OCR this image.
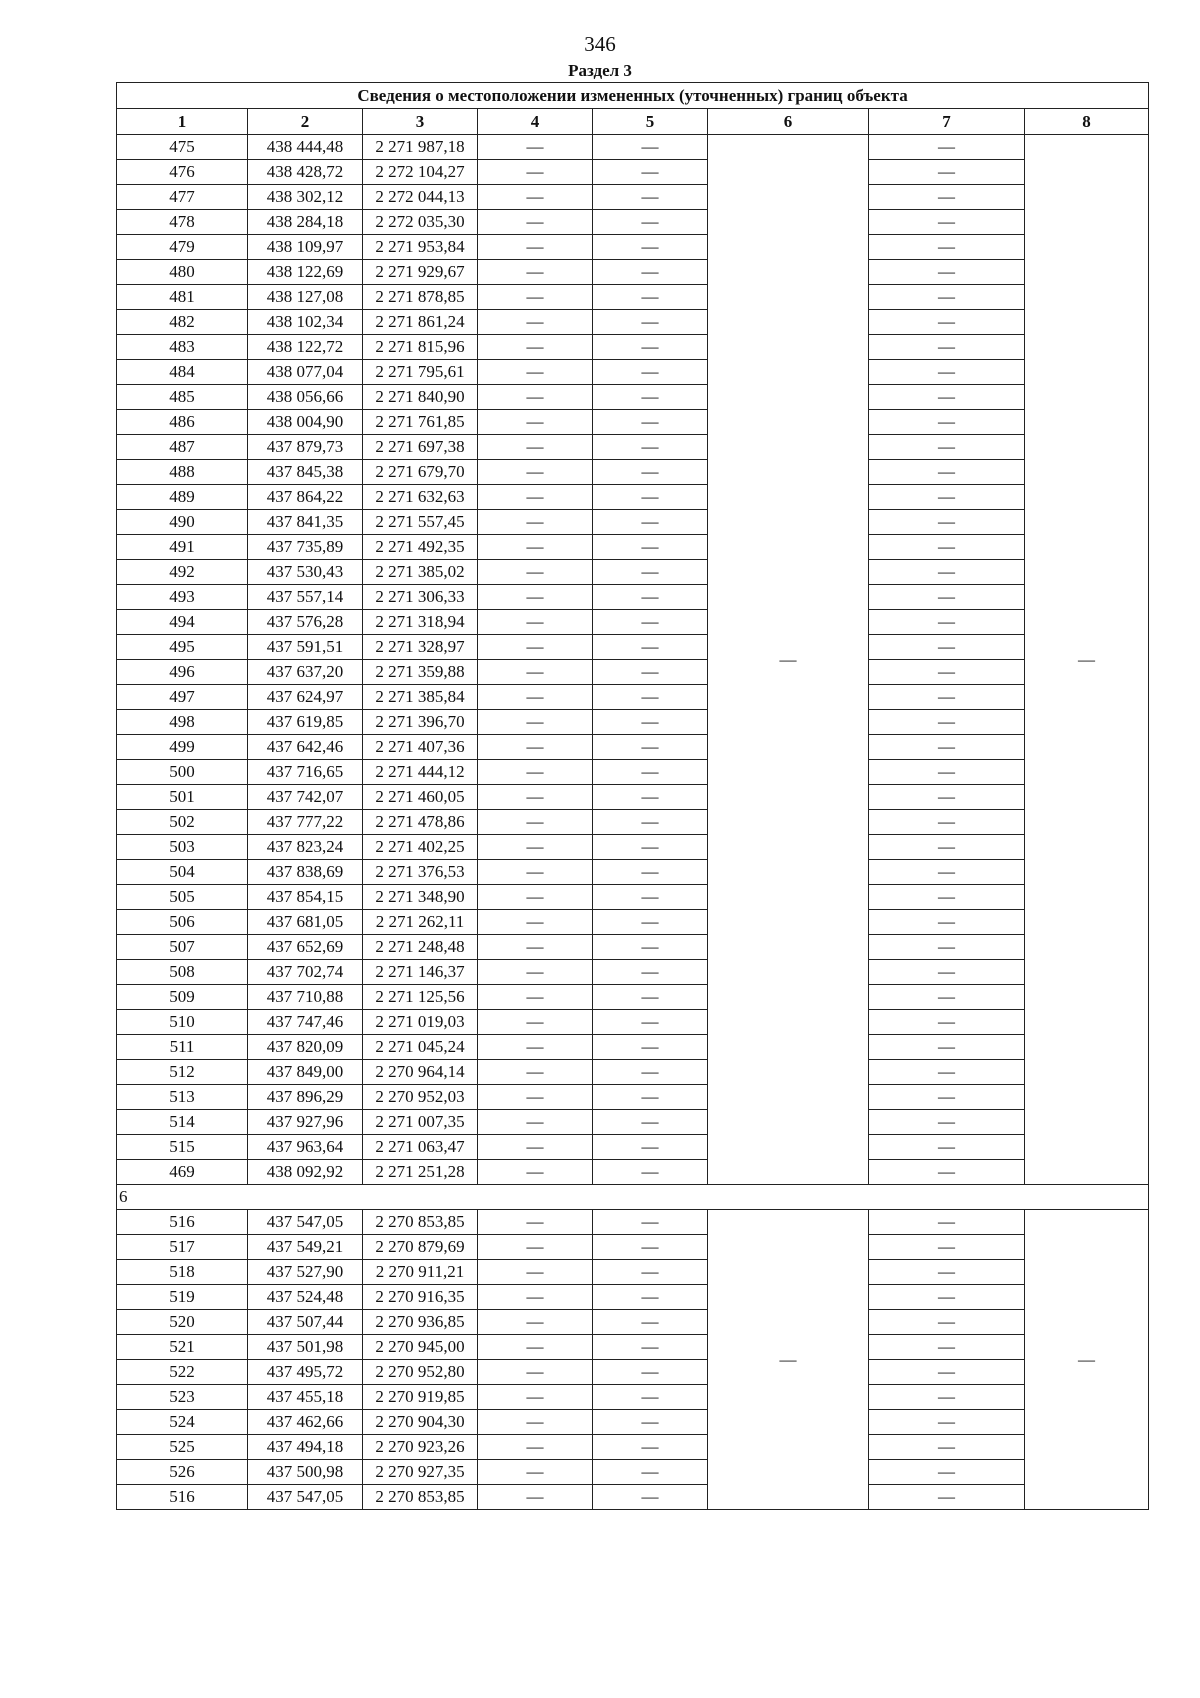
346
Раздел 3
Сведения о местоположении измененных (уточненных) границ объекта							
1	2	3	4	5	6	7	8
475	438 444,48	2 271 987,18	—	—	—	—	—
476	438 428,72	2 272 104,27	—	—		—	
477	438 302,12	2 272 044,13	—	—		—	
478	438 284,18	2 272 035,30	—	—		—	
479	438 109,97	2 271 953,84	—	—		—	
480	438 122,69	2 271 929,67	—	—		—	
481	438 127,08	2 271 878,85	—	—		—	
482	438 102,34	2 271 861,24	—	—		—	
483	438 122,72	2 271 815,96	—	—		—	
484	438 077,04	2 271 795,61	—	—		—	
485	438 056,66	2 271 840,90	—	—		—	
486	438 004,90	2 271 761,85	—	—		—	
487	437 879,73	2 271 697,38	—	—		—	
488	437 845,38	2 271 679,70	—	—		—	
489	437 864,22	2 271 632,63	—	—		—	
490	437 841,35	2 271 557,45	—	—		—	
491	437 735,89	2 271 492,35	—	—		—	
492	437 530,43	2 271 385,02	—	—		—	
493	437 557,14	2 271 306,33	—	—		—	
494	437 576,28	2 271 318,94	—	—		—	
495	437 591,51	2 271 328,97	—	—		—	
496	437 637,20	2 271 359,88	—	—		—	
497	437 624,97	2 271 385,84	—	—		—	
498	437 619,85	2 271 396,70	—	—		—	
499	437 642,46	2 271 407,36	—	—		—	
500	437 716,65	2 271 444,12	—	—		—	
501	437 742,07	2 271 460,05	—	—		—	
502	437 777,22	2 271 478,86	—	—		—	
503	437 823,24	2 271 402,25	—	—		—	
504	437 838,69	2 271 376,53	—	—		—	
505	437 854,15	2 271 348,90	—	—		—	
506	437 681,05	2 271 262,11	—	—		—	
507	437 652,69	2 271 248,48	—	—		—	
508	437 702,74	2 271 146,37	—	—		—	
509	437 710,88	2 271 125,56	—	—		—	
510	437 747,46	2 271 019,03	—	—		—	
511	437 820,09	2 271 045,24	—	—		—	
512	437 849,00	2 270 964,14	—	—		—	
513	437 896,29	2 270 952,03	—	—		—	
514	437 927,96	2 271 007,35	—	—		—	
515	437 963,64	2 271 063,47	—	—		—	
469	438 092,92	2 271 251,28	—	—		—	
6							
516	437 547,05	2 270 853,85	—	—	—	—	—
517	437 549,21	2 270 879,69	—	—		—	
518	437 527,90	2 270 911,21	—	—		—	
519	437 524,48	2 270 916,35	—	—		—	
520	437 507,44	2 270 936,85	—	—		—	
521	437 501,98	2 270 945,00	—	—		—	
522	437 495,72	2 270 952,80	—	—		—	
523	437 455,18	2 270 919,85	—	—		—	
524	437 462,66	2 270 904,30	—	—		—	
525	437 494,18	2 270 923,26	—	—		—	
526	437 500,98	2 270 927,35	—	—		—	
516	437 547,05	2 270 853,85	—	—		—	
